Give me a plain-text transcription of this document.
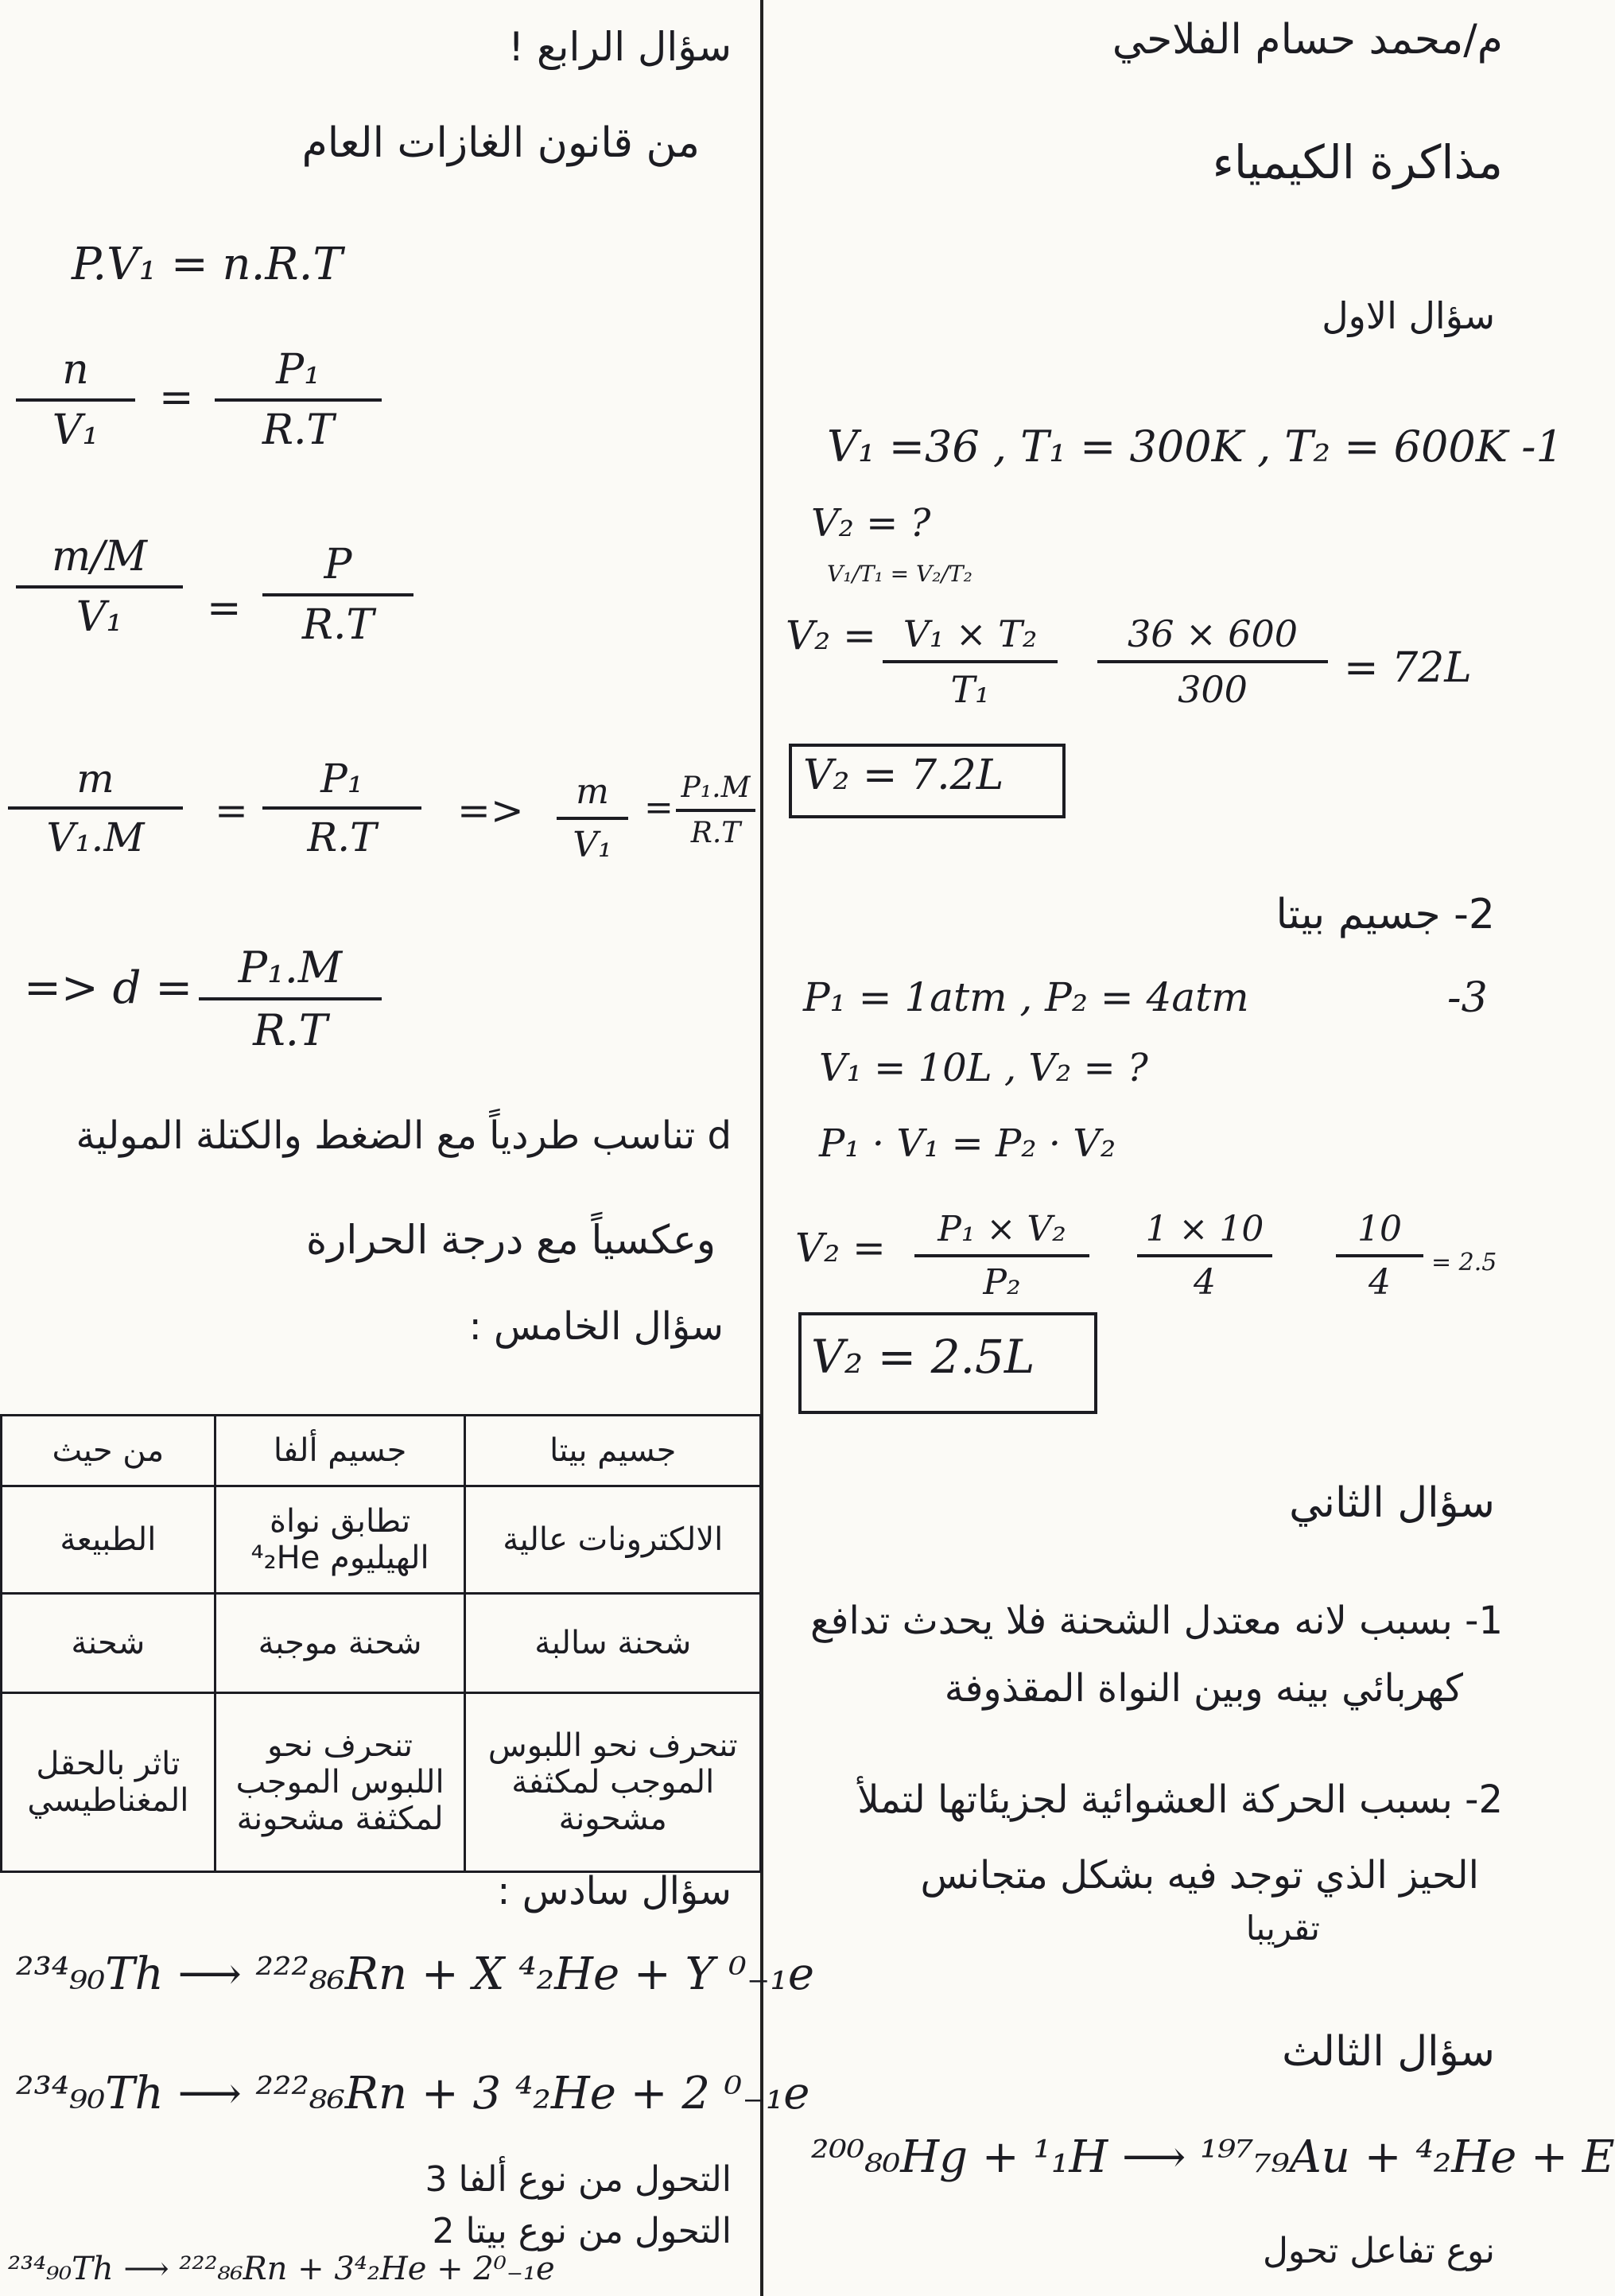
م/محمد حسام الفلاحي
مذاكرة الكيمياء
سؤال الاول
V₁ =36 , T₁ = 300K , T₂ = 600K -1
V₂ = ?
V₁/T₁ = V₂/T₂
V₂ = V₁ × T₂
T₁
36 × 600
300	= 72L
V₂ = 7.2L
2- جسيم بيتا
P₁ = 1atm , P₂ = 4atm	-3
V₁ = 10L , V₂ = ?
P₁ · V₁ = P₂ · V₂
V₂ =	P₁ × V₂
P₂
1 × 10
4
10
4	= 2.5
V₂ = 2.5L
سؤال الثاني
1- بسبب لانه معتدل الشحنة فلا يحدث تدافع
كهربائي بينه وبين النواة المقذوفة
2- بسبب الحركة العشوائية لجزيئاتها لتملأ
الحيز الذي توجد فيه بشكل متجانس
تقريبا
سؤال الثالث
²⁰⁰₈₀Hg + ¹₁H ⟶ ¹⁹⁷₇₉Au + ⁴₂He + E
نوع تفاعل تحول
سؤال الرابع !
من قانون الغازات العام
P.V₁ = n.R.T
n
V₁
=
P₁
R.T
m/M
V₁	=
P
R.T
m
V₁.M
=
P₁
R.T
=>	m
V₁
= P₁.M
R.T
=> d =	P₁.M
R.T
d تناسب طردياً مع الضغط والكتلة المولية
وعكسياً مع درجة الحرارة
سؤال الخامس :
من حيث	جسيم ألفا	جسيم بيتا
الطبيعة	تطابق نواة الهيليوم ⁴₂He	الالكترونات عالية
شحنة	شحنة موجبة	شحنة سالبة
تاثر بالحقل المغناطيسي	تنحرف نحو اللبوس الموجب لمكثفة مشحونة	تنحرف نحو اللبوس الموجب لمكثفة مشحونة
سؤال سادس :
²³⁴₉₀Th ⟶ ²²²₈₆Rn + X ⁴₂He + Y ⁰₋₁e
²³⁴₉₀Th ⟶ ²²²₈₆Rn + 3 ⁴₂He + 2 ⁰₋₁e
التحول من نوع ألفا 3
التحول من نوع بيتا 2
²³⁴₉₀Th ⟶ ²²²₈₆Rn + 3⁴₂He + 2⁰₋₁e
